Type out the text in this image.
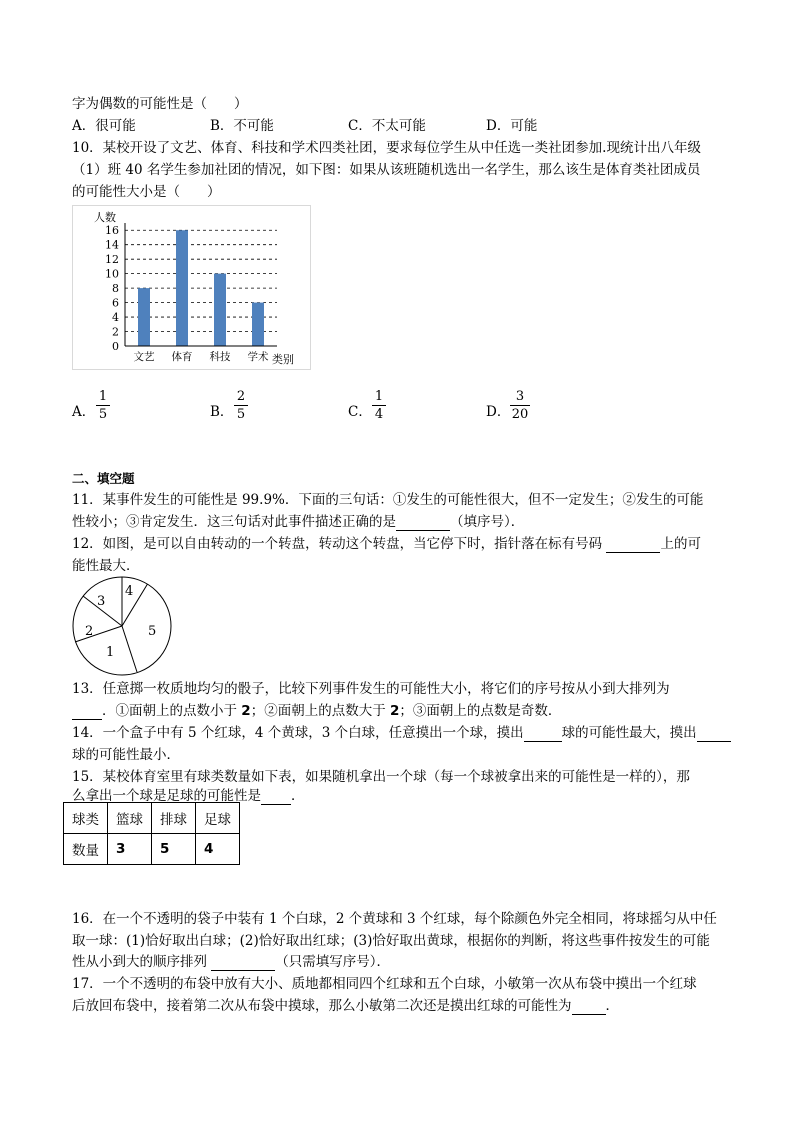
字为偶数的可能性是（　　）
A．很可能	B．不可能	C．不太可能	D．可能
10．某校开设了文艺、体育、科技和学术四类社团，要求每位学生从中任选一类社团参加.现统计出八年级
（1）班 40 名学生参加社团的情况，如下图：如果从该班随机选出一名学生，那么该生是体育类社团成员
的可能性大小是（　　）
0
2
4
6
8
10
12
14
16
文艺 体育 科技 学术
人数
类别
A．
1
5	B．
2
5	C．
1
4	D．
3
20
二、填空题
11．某事件发生的可能性是 99.9%．下面的三句话：①发生的可能性很大，但不一定发生；②发生的可能
性较小；③肯定发生．这三句话对此事件描述正确的是	（填序号）．
12．如图，是可以自由转动的一个转盘，转动这个转盘，当它停下时，指针落在标有号码	上的可
能性最大．
1
2
3
4
5
13．任意掷一枚质地均匀的骰子，比较下列事件发生的可能性大小，将它们的序号按从小到大排列为
．①面朝上的点数小于 2；②面朝上的点数大于 2；③面朝上的点数是奇数．
14．一个盒子中有 5 个红球，4 个黄球，3 个白球，任意摸出一个球，摸出	球的可能性最大，摸出
球的可能性最小．
15．某校体育室里有球类数量如下表，如果随机拿出一个球（每一个球被拿出来的可能性是一样的），那
么拿出一个球是足球的可能性是 ．
球类	篮球	排球	足球
数量	3	5	4
16．在一个不透明的袋子中装有 1 个白球，2 个黄球和 3 个红球，每个除颜色外完全相同，将球摇匀从中任
取一球：(1)恰好取出白球；(2)恰好取出红球；(3)恰好取出黄球，根据你的判断，将这些事件按发生的可能
性从小到大的顺序排列	（只需填写序号）．
17．一个不透明的布袋中放有大小、质地都相同四个红球和五个白球，小敏第一次从布袋中摸出一个红球
后放回布袋中，接着第二次从布袋中摸球，那么小敏第二次还是摸出红球的可能性为	．
